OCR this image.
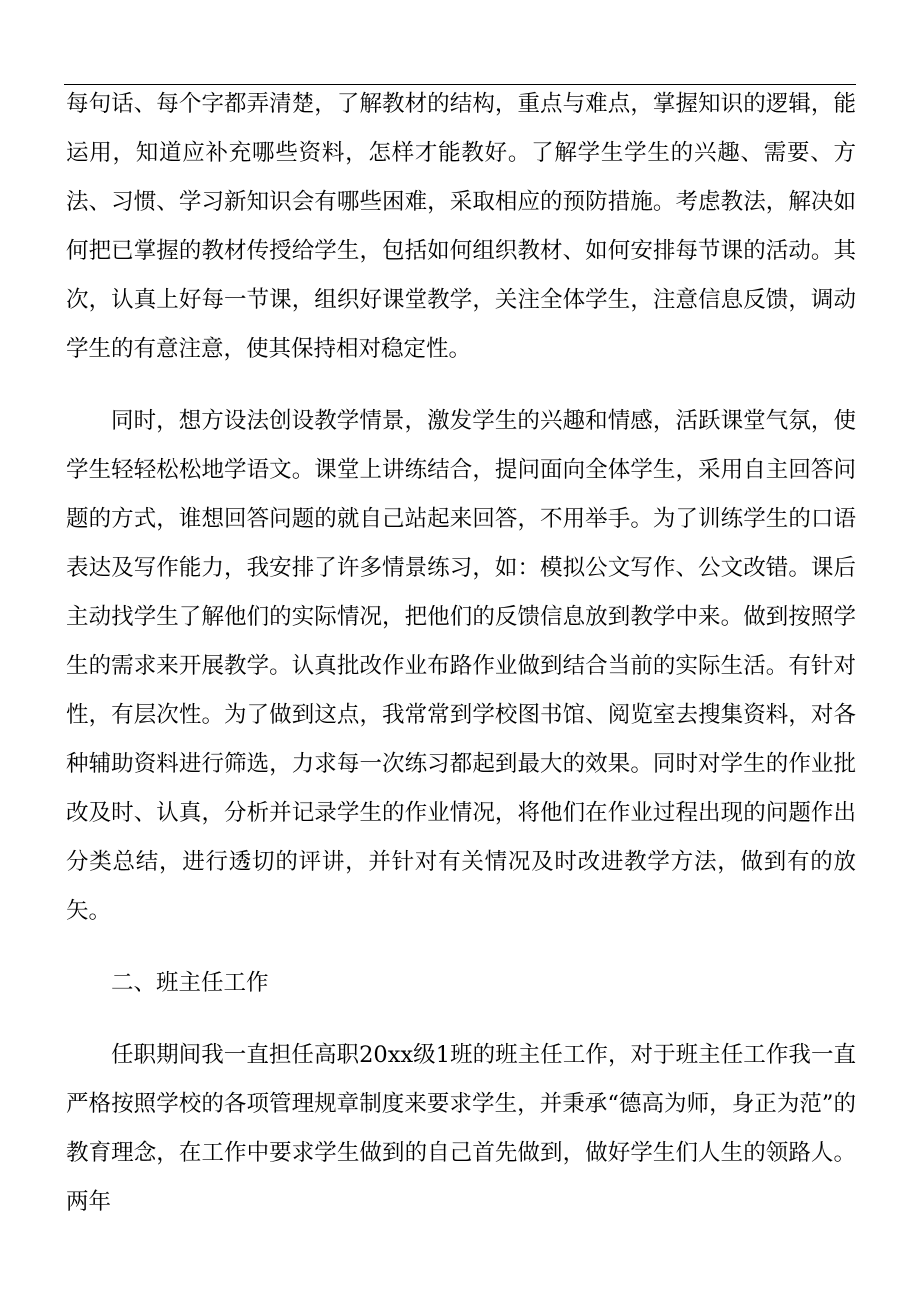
每句话、每个字都弄清楚，了解教材的结构，重点与难点，掌握知识的逻辑，能运用，知道应补充哪些资料，怎样才能教好。了解学生学生的兴趣、需要、方法、习惯、学习新知识会有哪些困难，采取相应的预防措施。考虑教法，解决如何把已掌握的教材传授给学生，包括如何组织教材、如何安排每节课的活动。其次，认真上好每一节课，组织好课堂教学，关注全体学生，注意信息反馈，调动学生的有意注意，使其保持相对稳定性。

同时，想方设法创设教学情景，激发学生的兴趣和情感，活跃课堂气氛，使学生轻轻松松地学语文。课堂上讲练结合，提问面向全体学生，采用自主回答问题的方式，谁想回答问题的就自己站起来回答，不用举手。为了训练学生的口语表达及写作能力，我安排了许多情景练习，如：模拟公文写作、公文改错。课后主动找学生了解他们的实际情况，把他们的反馈信息放到教学中来。做到按照学生的需求来开展教学。认真批改作业布路作业做到结合当前的实际生活。有针对性，有层次性。为了做到这点，我常常到学校图书馆、阅览室去搜集资料，对各种辅助资料进行筛选，力求每一次练习都起到最大的效果。同时对学生的作业批改及时、认真，分析并记录学生的作业情况，将他们在作业过程出现的问题作出分类总结，进行透切的评讲，并针对有关情况及时改进教学方法，做到有的放矢。

二、班主任工作

任职期间我一直担任高职20xx级1班的班主任工作，对于班主任工作我一直严格按照学校的各项管理规章制度来要求学生，并秉承“德高为师，身正为范”的教育理念，在工作中要求学生做到的自己首先做到，做好学生们人生的领路人。两年
